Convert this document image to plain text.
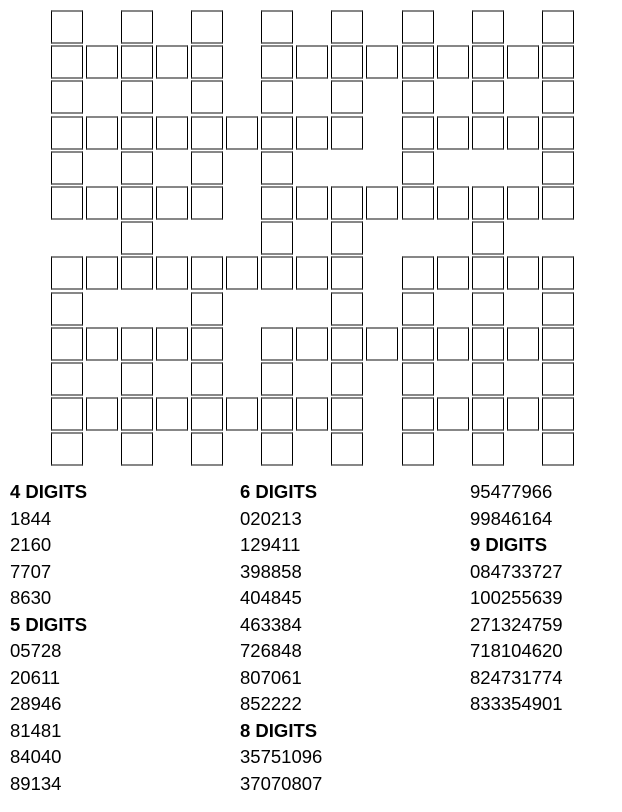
4 DIGITS
1844
2160
7707
8630
5 DIGITS
05728
20611
28946
81481
84040
89134
6 DIGITS
020213
129411
398858
404845
463384
726848
807061
852222
8 DIGITS
35751096
37070807
95477966
99846164
9 DIGITS
084733727
100255639
271324759
718104620
824731774
833354901
